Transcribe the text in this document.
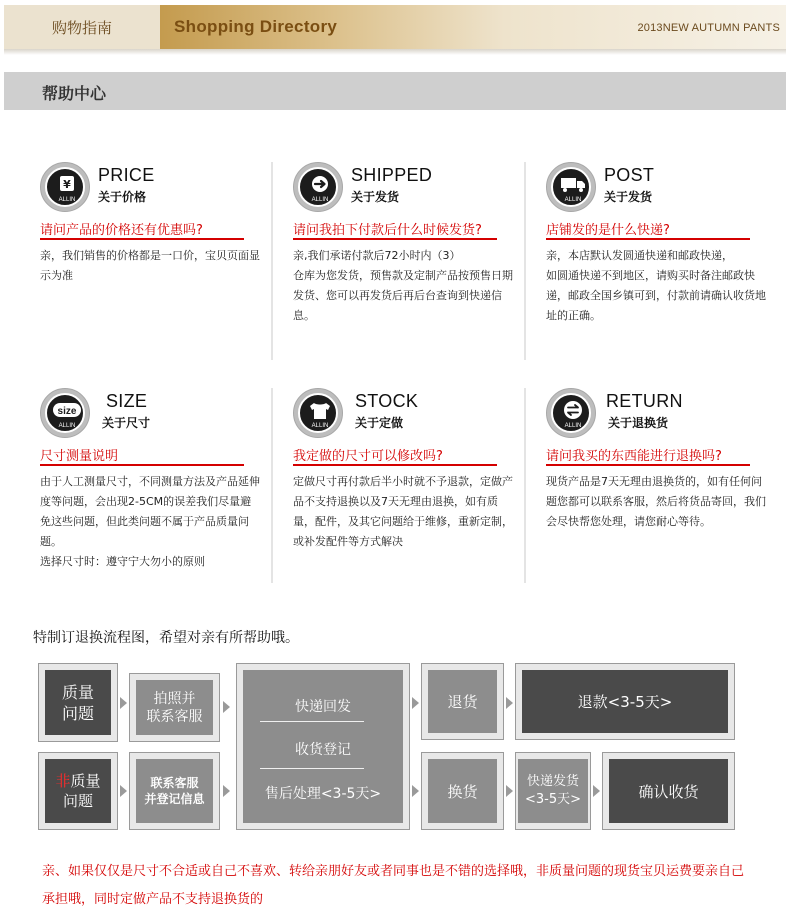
购物指南	Shopping Directory	2013NEW AUTUMN PANTS
帮助中心
¥
ALLIN
PRICE
关于价格
请问产品的价格还有优惠吗?

亲，我们销售的价格都是一口价，宝贝页面显示为准

ALLIN
SHIPPED
关于发货
请问我拍下付款后什么时候发货?

亲,我们承诺付款后72小时内（3）

仓库为您发货，预售款及定制产品按预售日期发货、您可以再发货后再后台查询到快递信息。

ALLIN
POST
关于发货
店铺发的是什么快递?

亲，本店默认发圆通快递和邮政快递，

如圆通快递不到地区，请购买时备注邮政快递，邮政全国乡镇可到，付款前请确认收货地址的正确。

size
ALLIN
SIZE
关于尺寸
尺寸测量说明

由于人工测量尺寸，不同测量方法及产品延伸度等问题，会出现2-5CM的误差我们尽量避免这些问题，但此类问题不属于产品质量问题。

选择尺寸时：遵守宁大勿小的原则

ALLIN
STOCK
关于定做
我定做的尺寸可以修改吗?

定做尺寸再付款后半小时就不予退款，定做产品不支持退换以及7天无理由退换，如有质量，配件，及其它问题给于维修，重新定制，或补发配件等方式解决

ALLIN
RETURN
关于退换货
请问我买的东西能进行退换吗?

现货产品是7天无理由退换货的，如有任何问题您都可以联系客服，然后将货品寄回，我们会尽快帮您处理，请您耐心等待。

特制订退换流程图，希望对亲有所帮助哦。
质量
问题
拍照并
联系客服
非质量
问题
联系客服
并登记信息
快递回发
收货登记
售后处理<3-5天>
退货
换货
退款<3-5天>
快递发货
<3-5天>	确认收货
亲、如果仅仅是尺寸不合适或自己不喜欢、转给亲朋好友或者同事也是不错的选择哦，非质量问题的现货宝贝运费要亲自己承担哦，同时定做产品不支持退换货的
